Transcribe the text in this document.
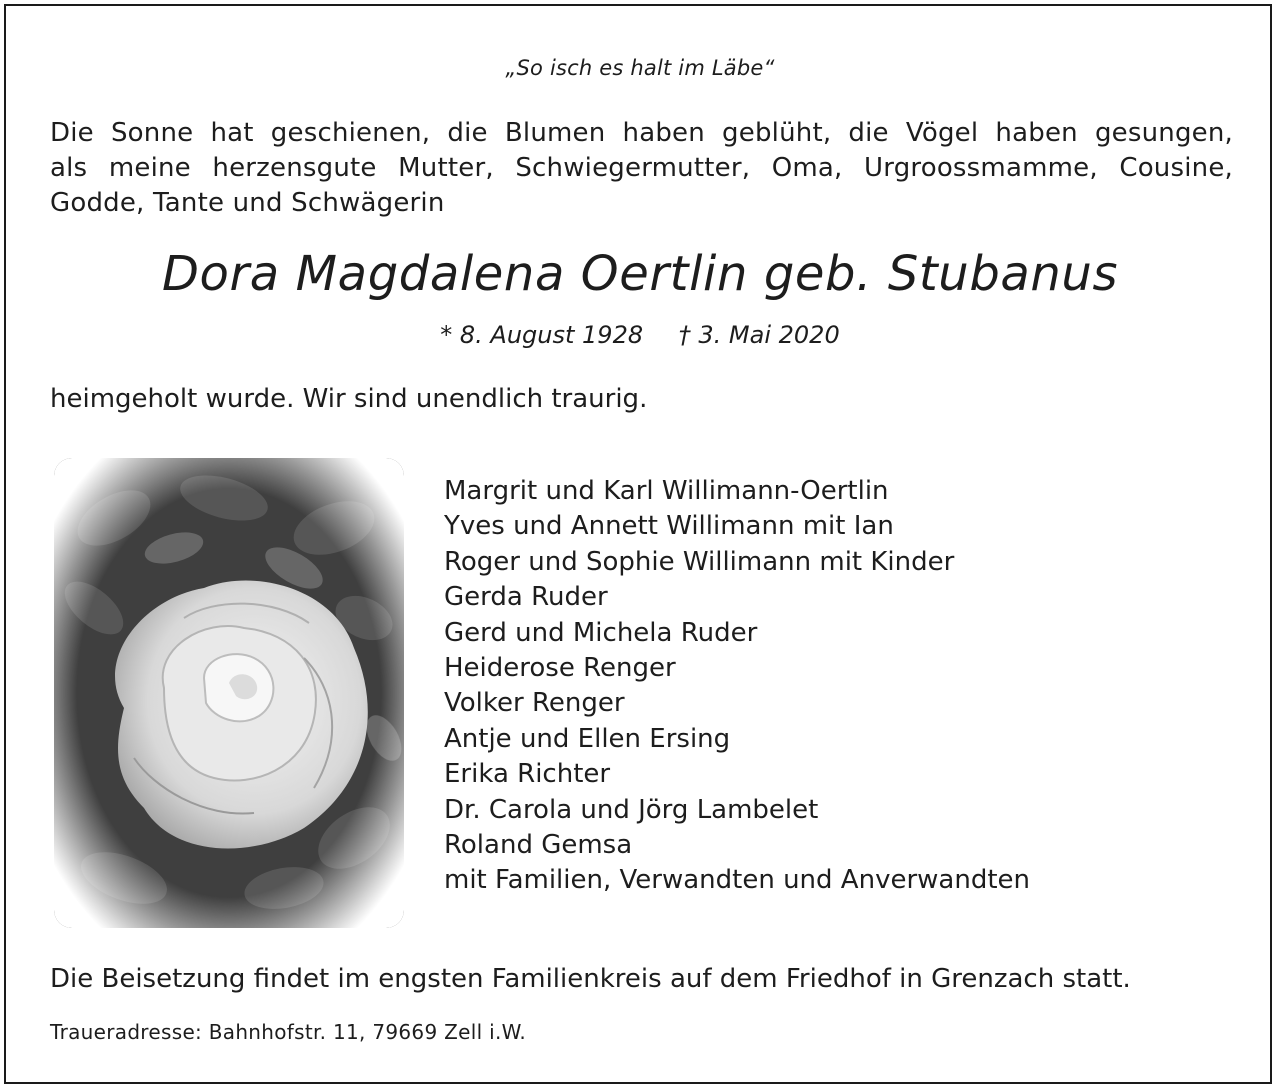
„So isch es halt im Läbe“
Die Sonne hat geschienen, die Blumen haben geblüht, die Vögel haben gesungen,
als meine herzensgute Mutter, Schwiegermutter, Oma, Urgroossmamme, Cousine,
Godde, Tante und Schwägerin
Dora Magdalena Oertlin geb. Stubanus
* 8. August 1928 † 3. Mai 2020
heimgeholt wurde. Wir sind unendlich traurig.
Margrit und Karl Willimann-Oertlin
Yves und Annett Willimann mit Ian
Roger und Sophie Willimann mit Kinder
Gerda Ruder
Gerd und Michela Ruder
Heiderose Renger
Volker Renger
Antje und Ellen Ersing
Erika Richter
Dr. Carola und Jörg Lambelet
Roland Gemsa
mit Familien, Verwandten und Anverwandten
Die Beisetzung findet im engsten Familienkreis auf dem Friedhof in Grenzach statt.
Traueradresse: Bahnhofstr. 11, 79669 Zell i.W.
